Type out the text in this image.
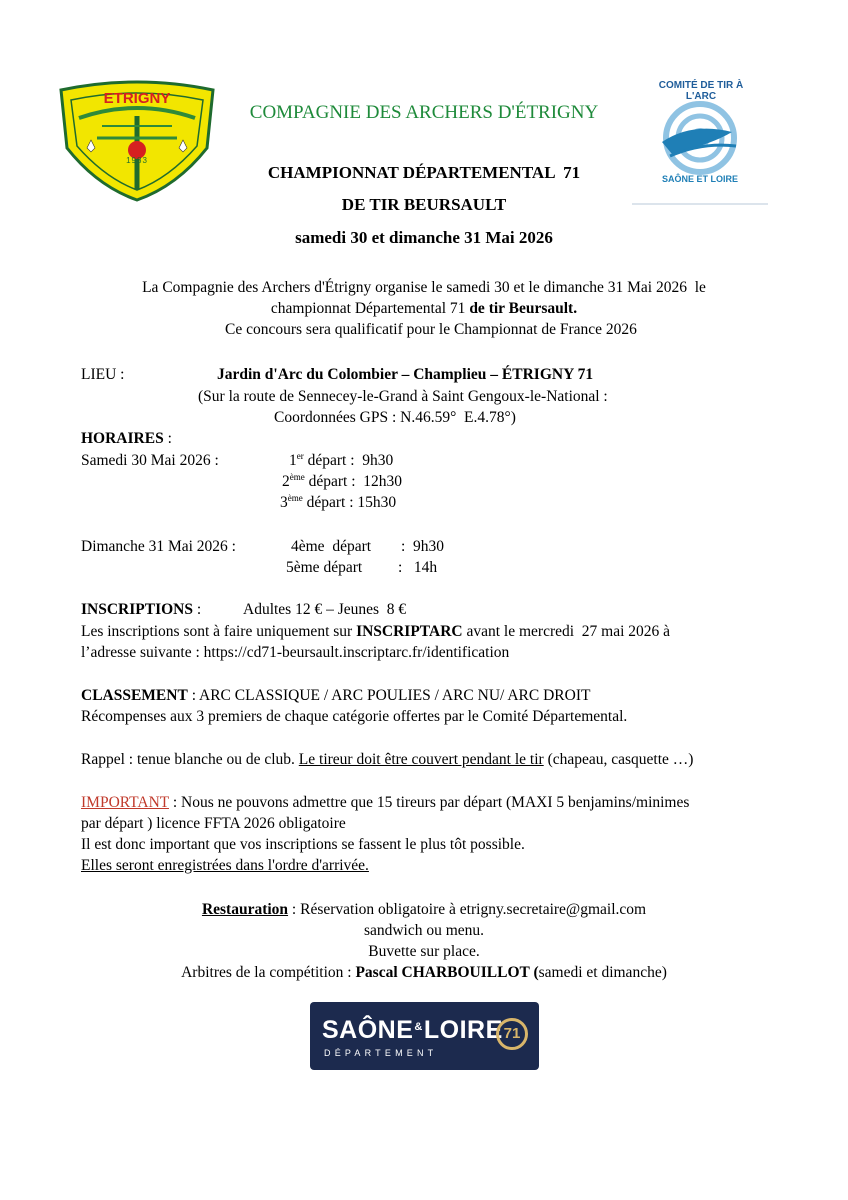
ETRIGNY
1983
COMITÉ DE TIR À L'ARC
SAÔNE ET LOIRE
COMPAGNIE DES ARCHERS D'ÉTRIGNY
CHAMPIONNAT DÉPARTEMENTAL  71
DE TIR BEURSAULT
samedi 30 et dimanche 31 Mai 2026
La Compagnie des Archers d'Étrigny organise le samedi 30 et le dimanche 31 Mai 2026  le
championnat Départemental 71 de tir Beursault.
Ce concours sera qualificatif pour le Championnat de France 2026
LIEU :	Jardin d'Arc du Colombier – Champlieu – ÉTRIGNY 71
(Sur la route de Sennecey-le-Grand à Saint Gengoux-le-National :
Coordonnées GPS : N.46.59°  E.4.78°)
HORAIRES :
Samedi 30 Mai 2026 :	1er départ :  9h30
2ème départ :  12h30
3ème départ : 15h30
Dimanche 31 Mai 2026 :	4ème  départ :  9h30
5ème départ :   14h
INSCRIPTIONS :	Adultes 12 € – Jeunes  8 €
Les inscriptions sont à faire uniquement sur INSCRIPTARC avant le mercredi  27 mai 2026 à
l’adresse suivante : https://cd71-beursault.inscriptarc.fr/identification
CLASSEMENT : ARC CLASSIQUE / ARC POULIES / ARC NU/ ARC DROIT
Récompenses aux 3 premiers de chaque catégorie offertes par le Comité Départemental.
Rappel : tenue blanche ou de club. Le tireur doit être couvert pendant le tir (chapeau, casquette …)
IMPORTANT : Nous ne pouvons admettre que 15 tireurs par départ (MAXI 5 benjamins/minimes
par départ ) licence FFTA 2026 obligatoire
Il est donc important que vos inscriptions se fassent le plus tôt possible.
Elles seront enregistrées dans l'ordre d'arrivée.
Restauration : Réservation obligatoire à etrigny.secretaire@gmail.com
sandwich ou menu.
Buvette sur place.
Arbitres de la compétition : Pascal CHARBOUILLOT (samedi et dimanche)
SAÔNE&LOIRE
DÉPARTEMENT
71
